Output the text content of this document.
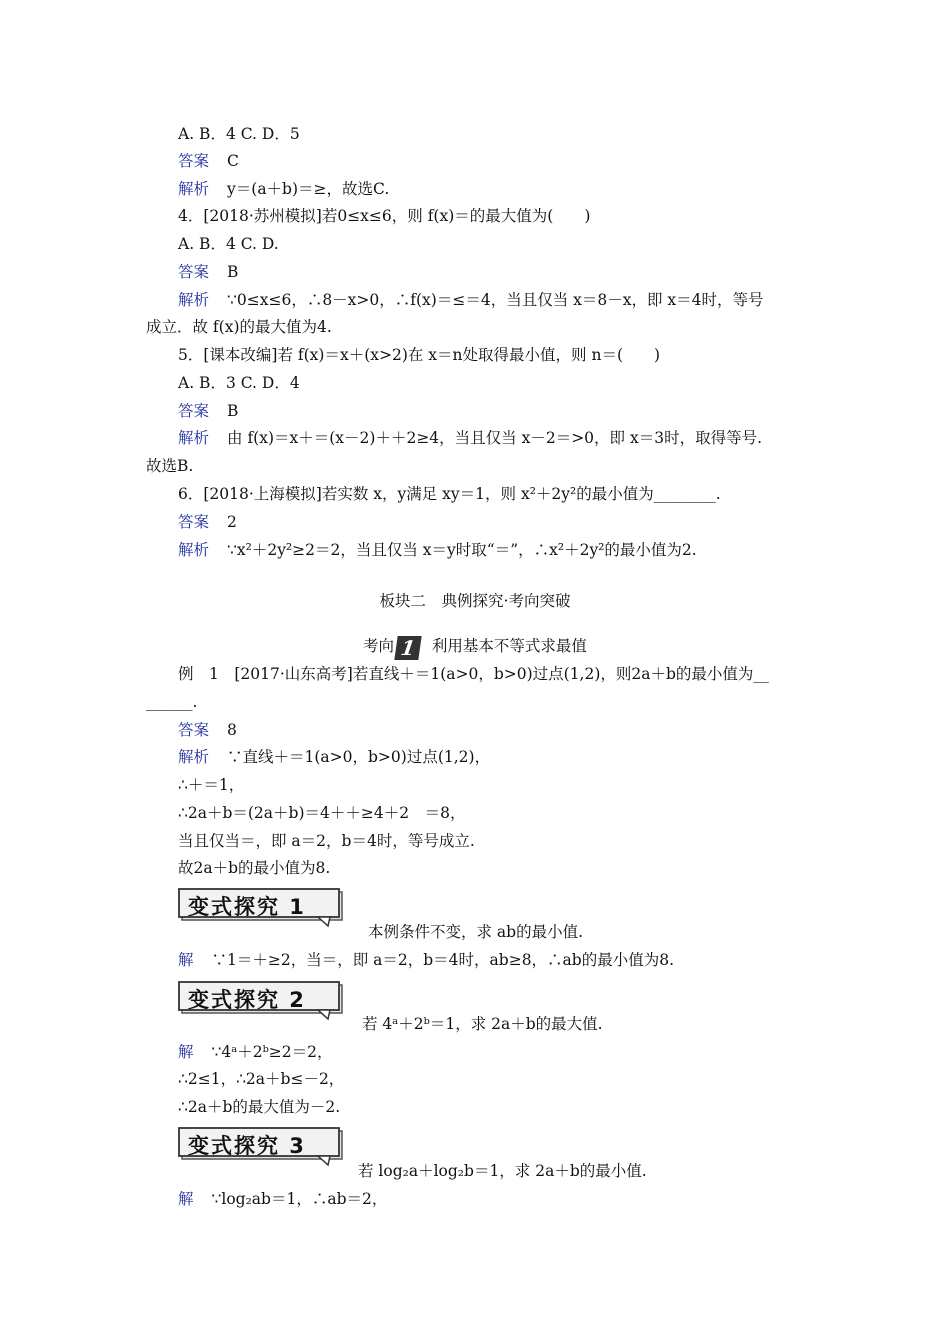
A. B．4 C. D．5
答案 C
解析 y＝(a＋b)＝≥，故选C.
4．[2018·苏州模拟]若0≤x≤6，则 f(x)＝的最大值为(　　)
A. B．4 C. D.
答案 B
解析 ∵0≤x≤6，∴8－x>0，∴f(x)＝≤＝4，当且仅当 x＝8－x，即 x＝4时，等号
成立．故 f(x)的最大值为4.
5．[课本改编]若 f(x)＝x＋(x>2)在 x＝n处取得最小值，则 n＝(　　)
A. B．3 C. D．4
答案 B
解析 由 f(x)＝x＋＝(x－2)＋＋2≥4，当且仅当 x－2＝>0，即 x＝3时，取得等号.
故选B.
6．[2018·上海模拟]若实数 x，y满足 xy＝1，则 x²＋2y²的最小值为________.
答案 2
解析 ∵x²＋2y²≥2＝2，当且仅当 x＝y时取“＝”，∴x²＋2y²的最小值为2.
板块二　典例探究·考向突破
考向 1 利用基本不等式求最值
例　1　[2017·山东高考]若直线＋＝1(a>0，b>0)过点(1,2)，则2a＋b的最小值为__
______.
答案 8
解析 ∵直线＋＝1(a>0，b>0)过点(1,2)，
∴＋＝1，
∴2a＋b＝(2a＋b)＝4＋＋≥4＋2　＝8，
当且仅当＝，即 a＝2，b＝4时，等号成立.
故2a＋b的最小值为8.
变式探究 1
本例条件不变，求 ab的最小值.
解 ∵1＝＋≥2，当＝，即 a＝2，b＝4时，ab≥8，∴ab的最小值为8.
变式探究 2
若 4ᵃ＋2ᵇ＝1，求 2a＋b的最大值.
解 ∵4ᵃ＋2ᵇ≥2＝2，
∴2≤1，∴2a＋b≤－2，
∴2a＋b的最大值为－2.
变式探究 3
若 log₂a＋log₂b＝1，求 2a＋b的最小值.
解 ∵log₂ab＝1，∴ab＝2，
